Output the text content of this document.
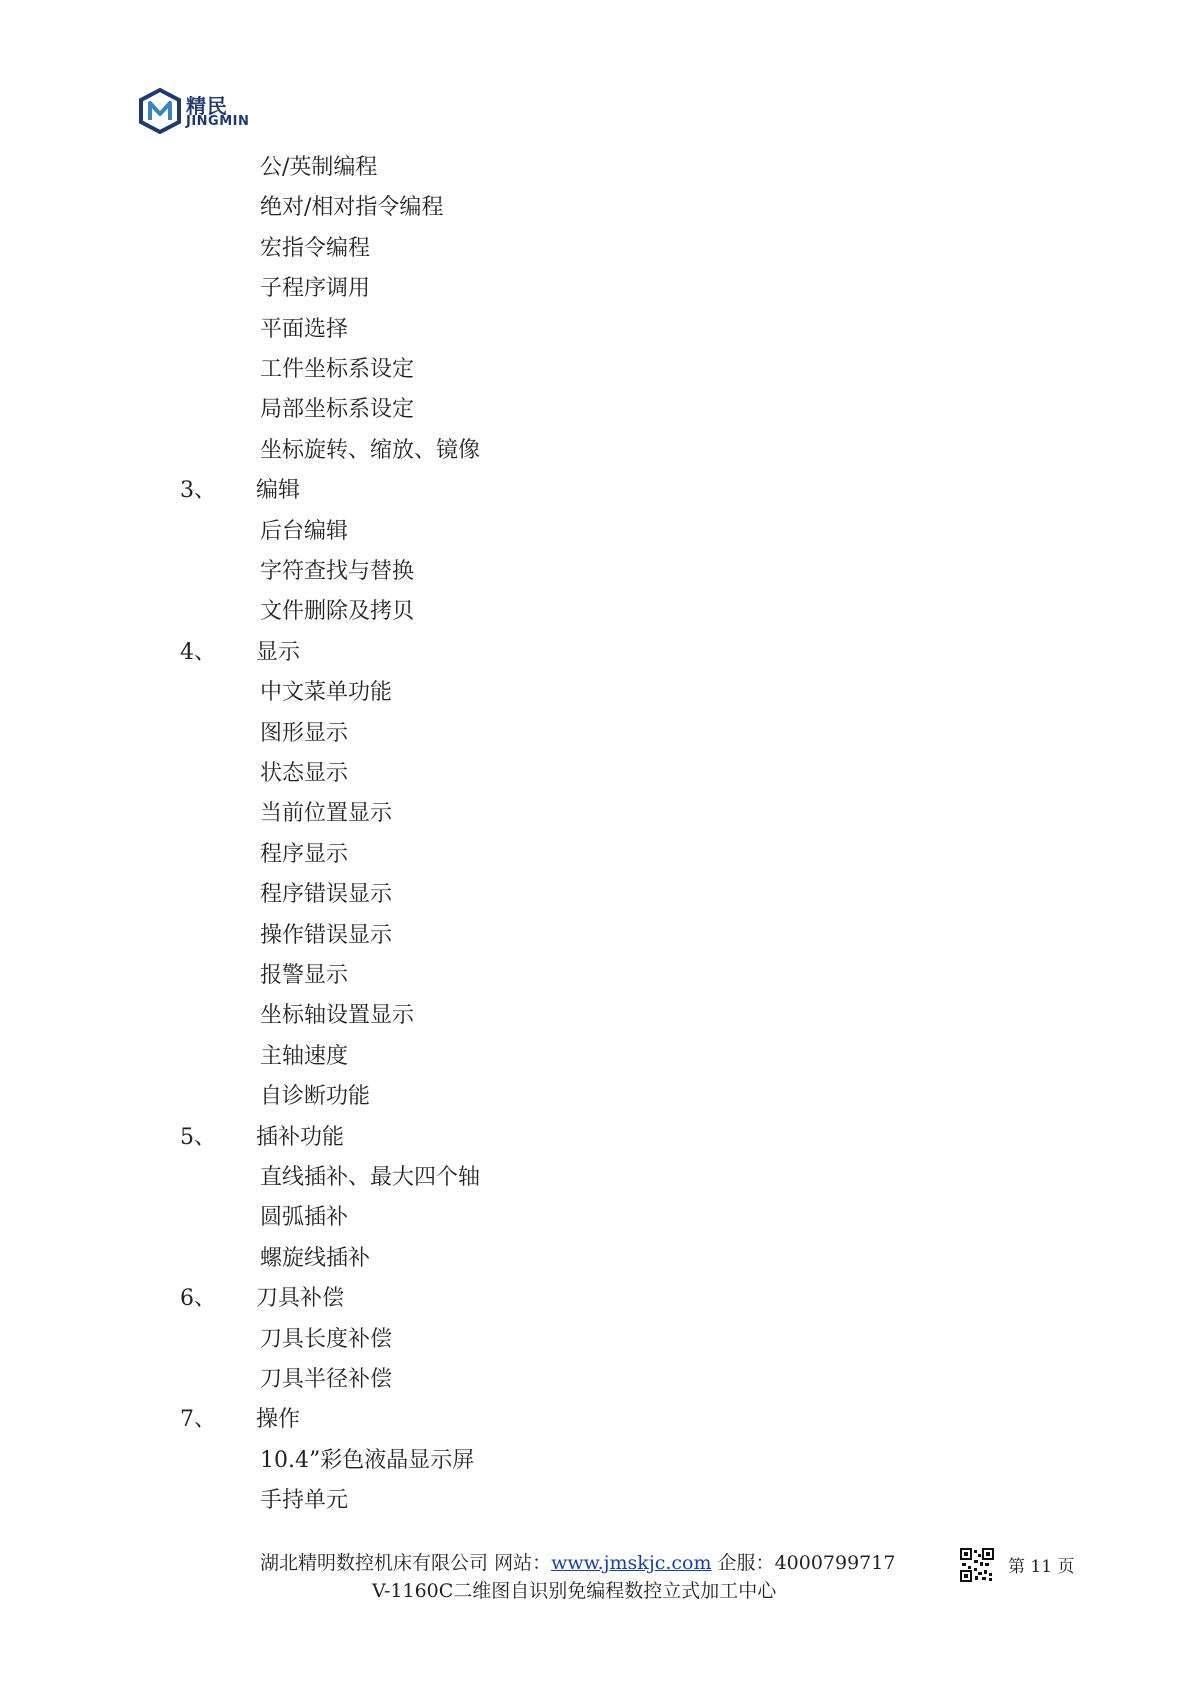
精民
JINGMIN
公/英制编程
绝对/相对指令编程
宏指令编程
子程序调用
平面选择
工件坐标系设定
局部坐标系设定
坐标旋转、缩放、镜像
3、 编辑
后台编辑
字符查找与替换
文件删除及拷贝
4、 显示
中文菜单功能
图形显示
状态显示
当前位置显示
程序显示
程序错误显示
操作错误显示
报警显示
坐标轴设置显示
主轴速度
自诊断功能
5、 插补功能
直线插补、最大四个轴
圆弧插补
螺旋线插补
6、 刀具补偿
刀具长度补偿
刀具半径补偿
7、 操作
10.4”彩色液晶显示屏
手持单元
湖北精明数控机床有限公司 网站：www.jmskjc.com 企服：4000799717	第 11 页
V-1160C二维图自识别免编程数控立式加工中心
